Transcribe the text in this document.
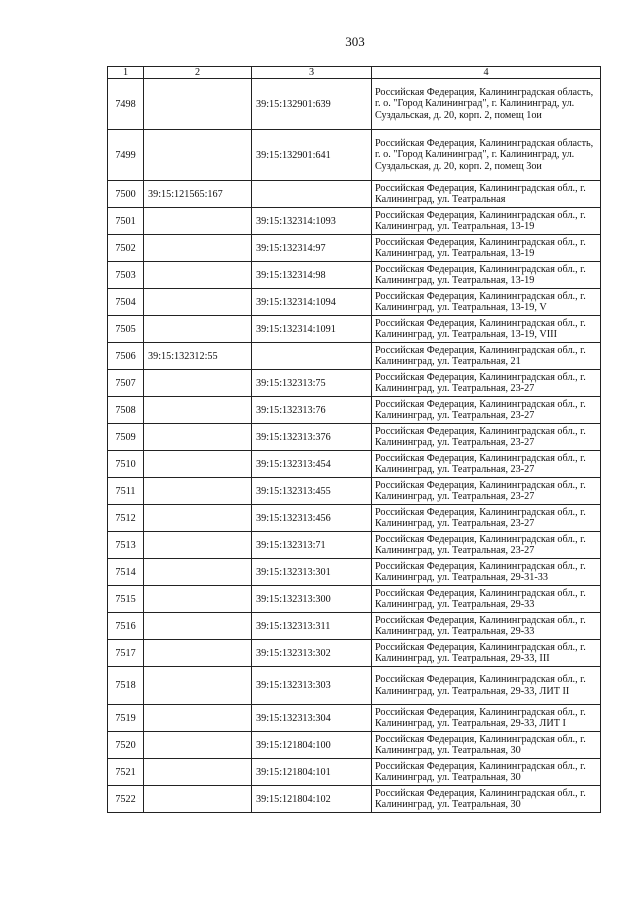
303
1	2	3	4
7498		39:15:132901:639	Российская Федерация, Калининградская область, г. о. "Город Калининград", г. Калининград, ул. Суздальская, д. 20, корп. 2, помещ 1ои
7499		39:15:132901:641	Российская Федерация, Калининградская область, г. о. "Город Калининград", г. Калининград, ул. Суздальская, д. 20, корп. 2, помещ 3ои
7500	39:15:121565:167		Российская Федерация, Калининградская обл., г. Калининград, ул. Театральная
7501		39:15:132314:1093	Российская Федерация, Калининградская обл., г. Калининград, ул. Театральная, 13-19
7502		39:15:132314:97	Российская Федерация, Калининградская обл., г. Калининград, ул. Театральная, 13-19
7503		39:15:132314:98	Российская Федерация, Калининградская обл., г. Калининград, ул. Театральная, 13-19
7504		39:15:132314:1094	Российская Федерация, Калининградская обл., г. Калининград, ул. Театральная, 13-19, V
7505		39:15:132314:1091	Российская Федерация, Калининградская обл., г. Калининград, ул. Театральная, 13-19, VIII
7506	39:15:132312:55		Российская Федерация, Калининградская обл., г. Калининград, ул. Театральная, 21
7507		39:15:132313:75	Российская Федерация, Калининградская обл., г. Калининград, ул. Театральная, 23-27
7508		39:15:132313:76	Российская Федерация, Калининградская обл., г. Калининград, ул. Театральная, 23-27
7509		39:15:132313:376	Российская Федерация, Калининградская обл., г. Калининград, ул. Театральная, 23-27
7510		39:15:132313:454	Российская Федерация, Калининградская обл., г. Калининград, ул. Театральная, 23-27
7511		39:15:132313:455	Российская Федерация, Калининградская обл., г. Калининград, ул. Театральная, 23-27
7512		39:15:132313:456	Российская Федерация, Калининградская обл., г. Калининград, ул. Театральная, 23-27
7513		39:15:132313:71	Российская Федерация, Калининградская обл., г. Калининград, ул. Театральная, 23-27
7514		39:15:132313:301	Российская Федерация, Калининградская обл., г. Калининград, ул. Театральная, 29-31-33
7515		39:15:132313:300	Российская Федерация, Калининградская обл., г. Калининград, ул. Театральная, 29-33
7516		39:15:132313:311	Российская Федерация, Калининградская обл., г. Калининград, ул. Театральная, 29-33
7517		39:15:132313:302	Российская Федерация, Калининградская обл., г. Калининград, ул. Театральная, 29-33, III
7518		39:15:132313:303	Российская Федерация, Калининградская обл., г. Калининград, ул. Театральная, 29-33, ЛИТ II
7519		39:15:132313:304	Российская Федерация, Калининградская обл., г. Калининград, ул. Театральная, 29-33, ЛИТ I
7520		39:15:121804:100	Российская Федерация, Калининградская обл., г. Калининград, ул. Театральная, 30
7521		39:15:121804:101	Российская Федерация, Калининградская обл., г. Калининград, ул. Театральная, 30
7522		39:15:121804:102	Российская Федерация, Калининградская обл., г. Калининград, ул. Театральная, 30
